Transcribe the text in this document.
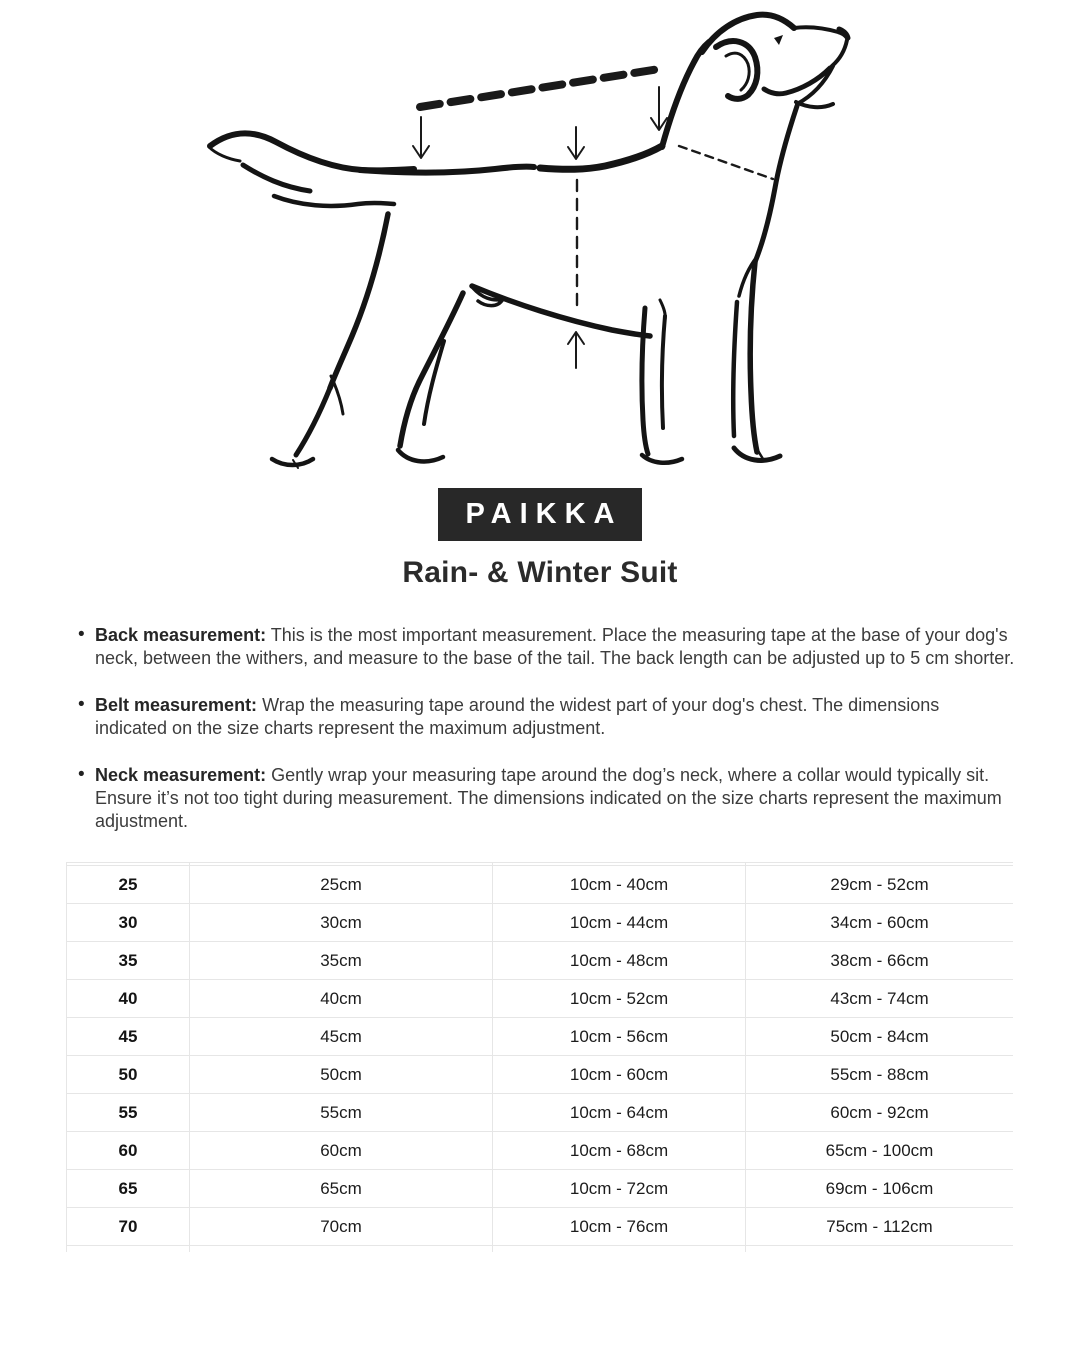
PAIKKA
Rain- & Winter Suit
• Back measurement: This is the most important measurement. Place the measuring tape at the base of your dog's neck, between the withers, and measure to the base of the tail. The back length can be adjusted up to 5 cm shorter.
• Belt measurement: Wrap the measuring tape around the widest part of your dog's chest. The dimensions indicated on the size charts represent the maximum adjustment.
• Neck measurement: Gently wrap your measuring tape around the dog’s neck, where a collar would typically sit. Ensure it’s not too tight during measurement. The dimensions indicated on the size charts represent the maximum adjustment.

25	25cm	10cm - 40cm	29cm - 52cm
30	30cm	10cm - 44cm	34cm - 60cm
35	35cm	10cm - 48cm	38cm - 66cm
40	40cm	10cm - 52cm	43cm - 74cm
45	45cm	10cm - 56cm	50cm - 84cm
50	50cm	10cm - 60cm	55cm - 88cm
55	55cm	10cm - 64cm	60cm - 92cm
60	60cm	10cm - 68cm	65cm - 100cm
65	65cm	10cm - 72cm	69cm - 106cm
70	70cm	10cm - 76cm	75cm - 112cm
